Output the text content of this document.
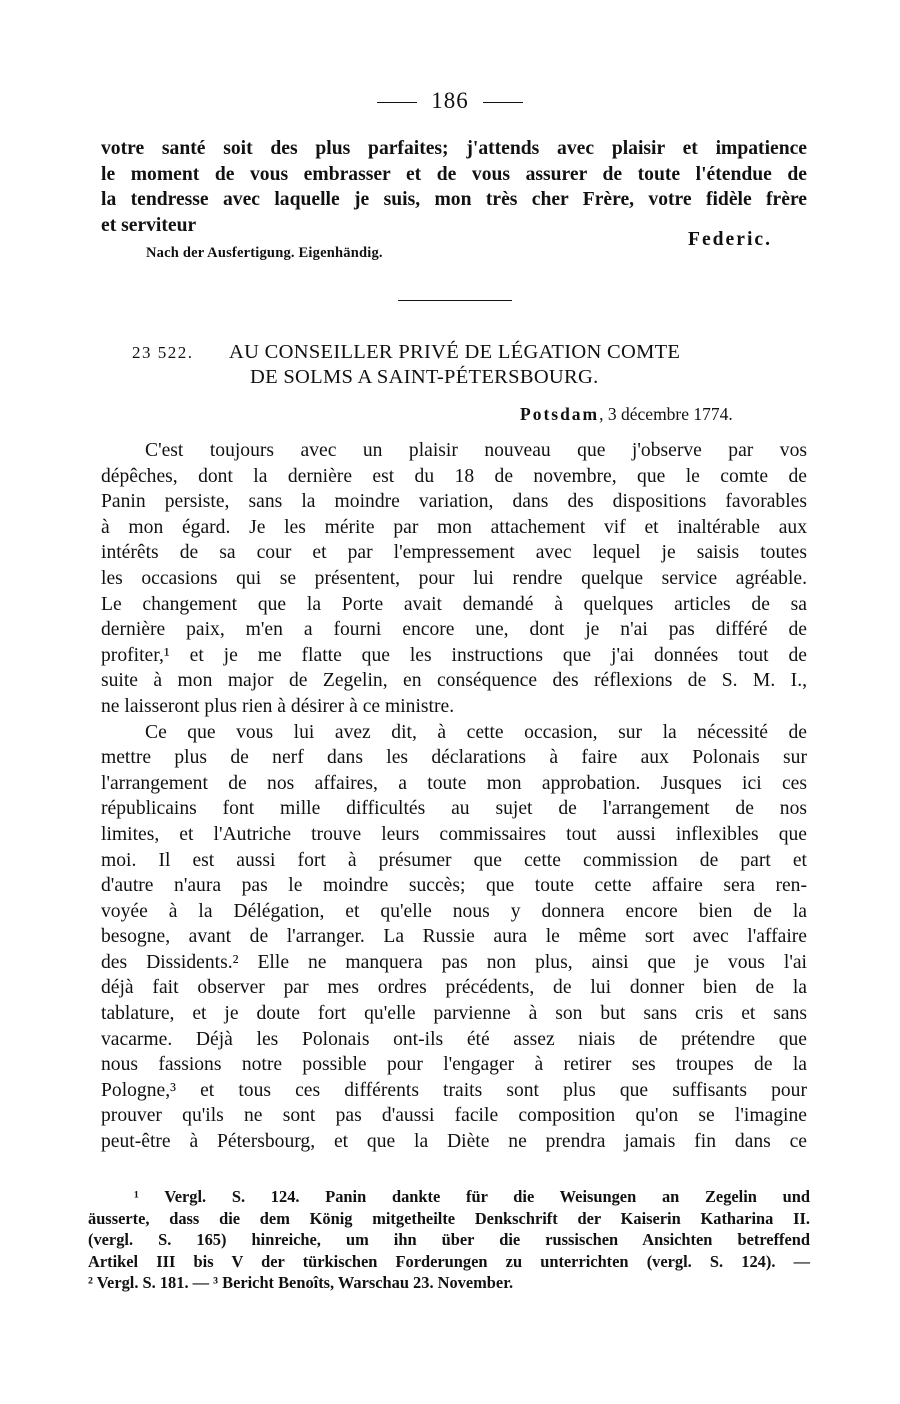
186
votre santé soit des plus parfaites; j'attends avec plaisir et impatience
le moment de vous embrasser et de vous assurer de toute l'étendue de
la tendresse avec laquelle je suis, mon très cher Frère, votre fidèle frère
et serviteur
Federic.
Nach der Ausfertigung. Eigenhändig.
23 522. AU CONSEILLER PRIVÉ DE LÉGATION COMTE
DE SOLMS A SAINT-PÉTERSBOURG.
Potsdam, 3 décembre 1774.
C'est toujours avec un plaisir nouveau que j'observe par vos
dépêches, dont la dernière est du 18 de novembre, que le comte de
Panin persiste, sans la moindre variation, dans des dispositions favorables
à mon égard. Je les mérite par mon attachement vif et inaltérable aux
intérêts de sa cour et par l'empressement avec lequel je saisis toutes
les occasions qui se présentent, pour lui rendre quelque service agréable.
Le changement que la Porte avait demandé à quelques articles de sa
dernière paix, m'en a fourni encore une, dont je n'ai pas différé de
profiter,¹ et je me flatte que les instructions que j'ai données tout de
suite à mon major de Zegelin, en conséquence des réflexions de S. M. I.,
ne laisseront plus rien à désirer à ce ministre.
Ce que vous lui avez dit, à cette occasion, sur la nécessité de
mettre plus de nerf dans les déclarations à faire aux Polonais sur
l'arrangement de nos affaires, a toute mon approbation. Jusques ici ces
républicains font mille difficultés au sujet de l'arrangement de nos
limites, et l'Autriche trouve leurs commissaires tout aussi inflexibles que
moi. Il est aussi fort à présumer que cette commission de part et
d'autre n'aura pas le moindre succès; que toute cette affaire sera ren-
voyée à la Délégation, et qu'elle nous y donnera encore bien de la
besogne, avant de l'arranger. La Russie aura le même sort avec l'affaire
des Dissidents.² Elle ne manquera pas non plus, ainsi que je vous l'ai
déjà fait observer par mes ordres précédents, de lui donner bien de la
tablature, et je doute fort qu'elle parvienne à son but sans cris et sans
vacarme. Déjà les Polonais ont-ils été assez niais de prétendre que
nous fassions notre possible pour l'engager à retirer ses troupes de la
Pologne,³ et tous ces différents traits sont plus que suffisants pour
prouver qu'ils ne sont pas d'aussi facile composition qu'on se l'imagine
peut-être à Pétersbourg, et que la Diète ne prendra jamais fin dans ce
¹ Vergl. S. 124. Panin dankte für die Weisungen an Zegelin und
äusserte, dass die dem König mitgetheilte Denkschrift der Kaiserin Katharina II.
(vergl. S. 165) hinreiche, um ihn über die russischen Ansichten betreffend
Artikel III bis V der türkischen Forderungen zu unterrichten (vergl. S. 124). —
² Vergl. S. 181. — ³ Bericht Benoîts, Warschau 23. November.
